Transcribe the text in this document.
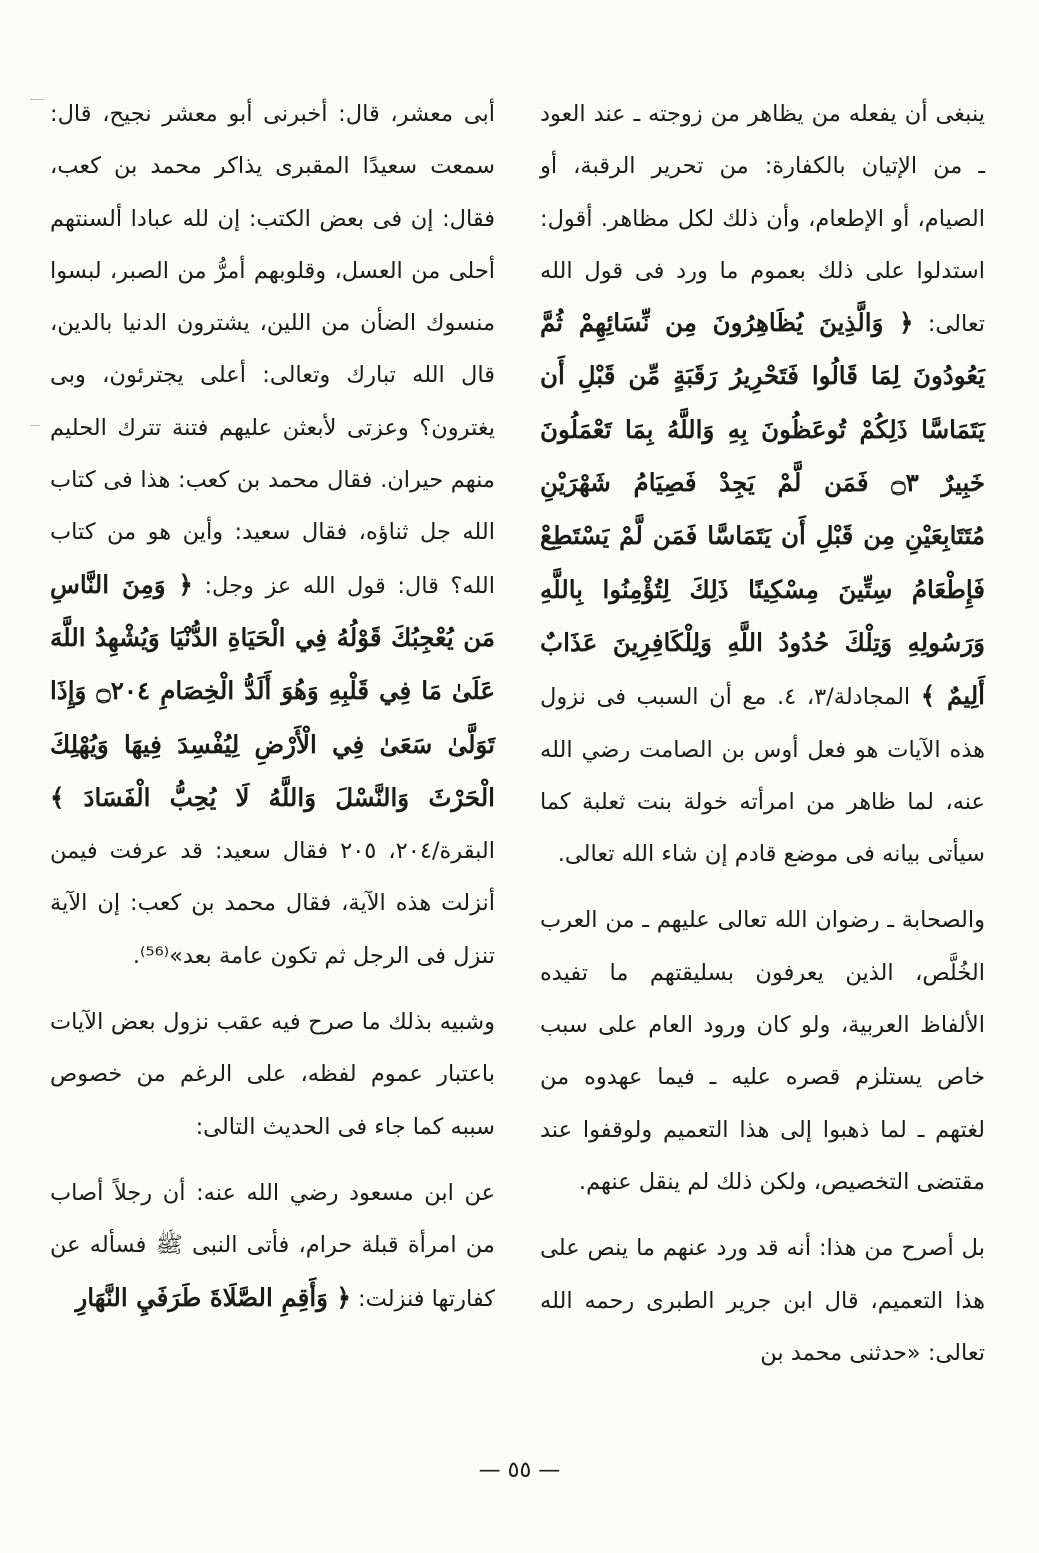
ينبغى أن يفعله من يظاهر من زوجته ـ عند العود ـ من الإتيان بالكفارة: من تحرير الرقبة، أو الصيام، أو الإطعام، وأن ذلك لكل مظاهر. أقول: استدلوا على ذلك بعموم ما ورد فى قول الله تعالى: ﴿ وَالَّذِينَ يُظَاهِرُونَ مِن نِّسَائِهِمْ ثُمَّ يَعُودُونَ لِمَا قَالُوا فَتَحْرِيرُ رَقَبَةٍ مِّن قَبْلِ أَن يَتَمَاسَّا ذَلِكُمْ تُوعَظُونَ بِهِ وَاللَّهُ بِمَا تَعْمَلُونَ خَبِيرٌ ۝٣ فَمَن لَّمْ يَجِدْ فَصِيَامُ شَهْرَيْنِ مُتَتَابِعَيْنِ مِن قَبْلِ أَن يَتَمَاسَّا فَمَن لَّمْ يَسْتَطِعْ فَإِطْعَامُ سِتِّينَ مِسْكِينًا ذَلِكَ لِتُؤْمِنُوا بِاللَّهِ وَرَسُولِهِ وَتِلْكَ حُدُودُ اللَّهِ وَلِلْكَافِرِينَ عَذَابٌ أَلِيمٌ ﴾ المجادلة/٣، ٤. مع أن السبب فى نزول هذه الآيات هو فعل أوس بن الصامت رضي الله عنه، لما ظاهر من امرأته خولة بنت ثعلبة كما سيأتى بيانه فى موضع قادم إن شاء الله تعالى.

والصحابة ـ رضوان الله تعالى عليهم ـ من العرب الخُلَّص، الذين يعرفون بسليقتهم ما تفيده الألفاظ العربية، ولو كان ورود العام على سبب خاص يستلزم قصره عليه ـ فيما عهدوه من لغتهم ـ لما ذهبوا إلى هذا التعميم ولوقفوا عند مقتضى التخصيص، ولكن ذلك لم ينقل عنهم.

بل أصرح من هذا: أنه قد ورد عنهم ما ينص على هذا التعميم، قال ابن جرير الطبرى رحمه الله تعالى: «حدثنى محمد بن

أبى معشر، قال: أخبرنى أبو معشر نجيح، قال: سمعت سعيدًا المقبرى يذاكر محمد بن كعب، فقال: إن فى بعض الكتب: إن لله عبادا ألسنتهم أحلى من العسل، وقلوبهم أمرُّ من الصبر، لبسوا منسوك الضأن من اللين، يشترون الدنيا بالدين، قال الله تبارك وتعالى: أعلى يجترئون، وبى يغترون؟ وعزتى لأبعثن عليهم فتنة تترك الحليم منهم حيران. فقال محمد بن كعب: هذا فى كتاب الله جل ثناؤه، فقال سعيد: وأين هو من كتاب الله؟ قال: قول الله عز وجل: ﴿ وَمِنَ النَّاسِ مَن يُعْجِبُكَ قَوْلُهُ فِي الْحَيَاةِ الدُّنْيَا وَيُشْهِدُ اللَّهَ عَلَىٰ مَا فِي قَلْبِهِ وَهُوَ أَلَدُّ الْخِصَامِ ۝٢٠٤ وَإِذَا تَوَلَّىٰ سَعَىٰ فِي الْأَرْضِ لِيُفْسِدَ فِيهَا وَيُهْلِكَ الْحَرْثَ وَالنَّسْلَ وَاللَّهُ لَا يُحِبُّ الْفَسَادَ ﴾ البقرة/٢٠٤، ٢٠٥ فقال سعيد: قد عرفت فيمن أنزلت هذه الآية، فقال محمد بن كعب: إن الآية تنزل فى الرجل ثم تكون عامة بعد»⁽⁵⁶⁾.

وشبيه بذلك ما صرح فيه عقب نزول بعض الآيات باعتبار عموم لفظه، على الرغم من خصوص سببه كما جاء فى الحديث التالى:

عن ابن مسعود رضي الله عنه: أن رجلاً أصاب من امرأة قبلة حرام، فأتى النبى ﷺ فسأله عن كفارتها فنزلت: ﴿ وَأَقِمِ الصَّلَاةَ طَرَفَيِ النَّهَارِ

— ٥٥ —
